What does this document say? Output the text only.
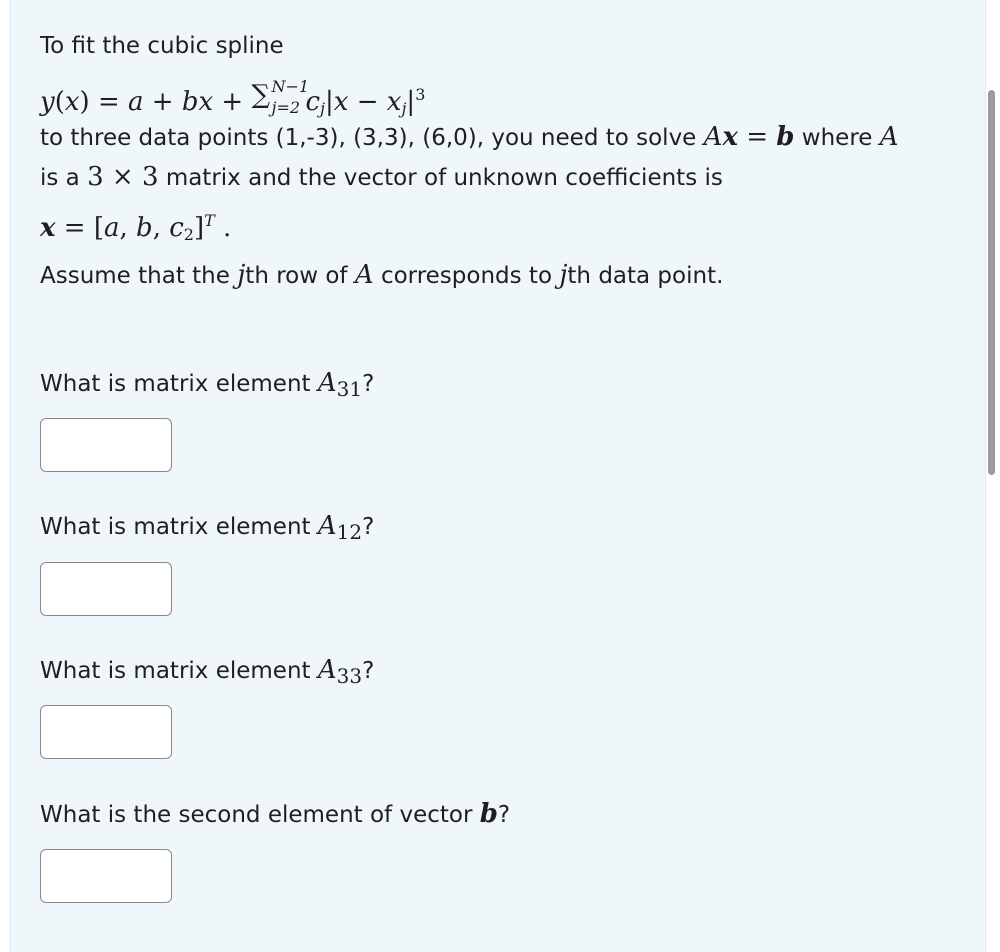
To fit the cubic spline
y(x) = a + bx + ∑ N−1
j=2 $c_j|x - x_j|^3$
to three data points (1,-3), (3,3), (6,0), you need to solve Ax = b where A
is a 3 × 3 matrix and the vector of unknown coefficients is
x = [a, b, $c_2]^T$ .
Assume that the jth row of A corresponds to jth data point.
What is matrix element A31?
What is matrix element A12?
What is matrix element A33?
What is the second element of vector b?
